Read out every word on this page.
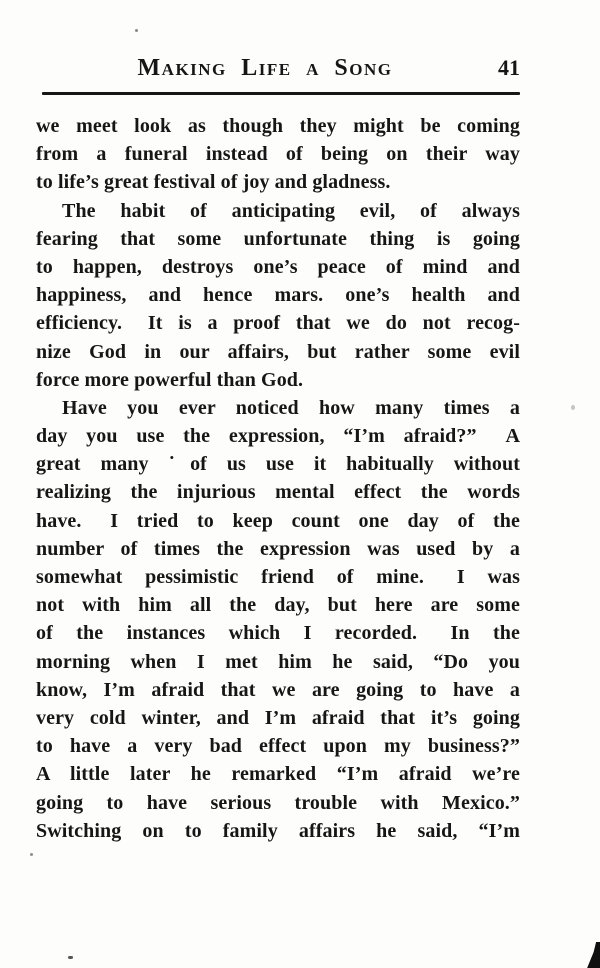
Making Life a Song	41
we meet look as though they might be coming
from a funeral instead of being on their way
to life’s great festival of joy and gladness.
The habit of anticipating evil, of always
fearing that some unfortunate thing is going
to happen, destroys one’s peace of mind and
happiness, and hence mars. one’s health and
efficiency.  It is a proof that we do not recog-
nize God in our affairs, but rather some evil
force more powerful than God.
Have you ever noticed how many times a
day you use the expression, “I’m afraid?”  A
great many ˙of us use it habitually without
realizing the injurious mental effect the words
have.  I tried to keep count one day of the
number of times the expression was used by a
somewhat pessimistic friend of mine.  I was
not with him all the day, but here are some
of the instances which I recorded.  In the
morning when I met him he said, “Do you
know, I’m afraid that we are going to have a
very cold winter, and I’m afraid that it’s going
to have a very bad effect upon my business?”
A little later he remarked “I’m afraid we’re
going to have serious trouble with Mexico.”
Switching on to family affairs he said, “I’m
